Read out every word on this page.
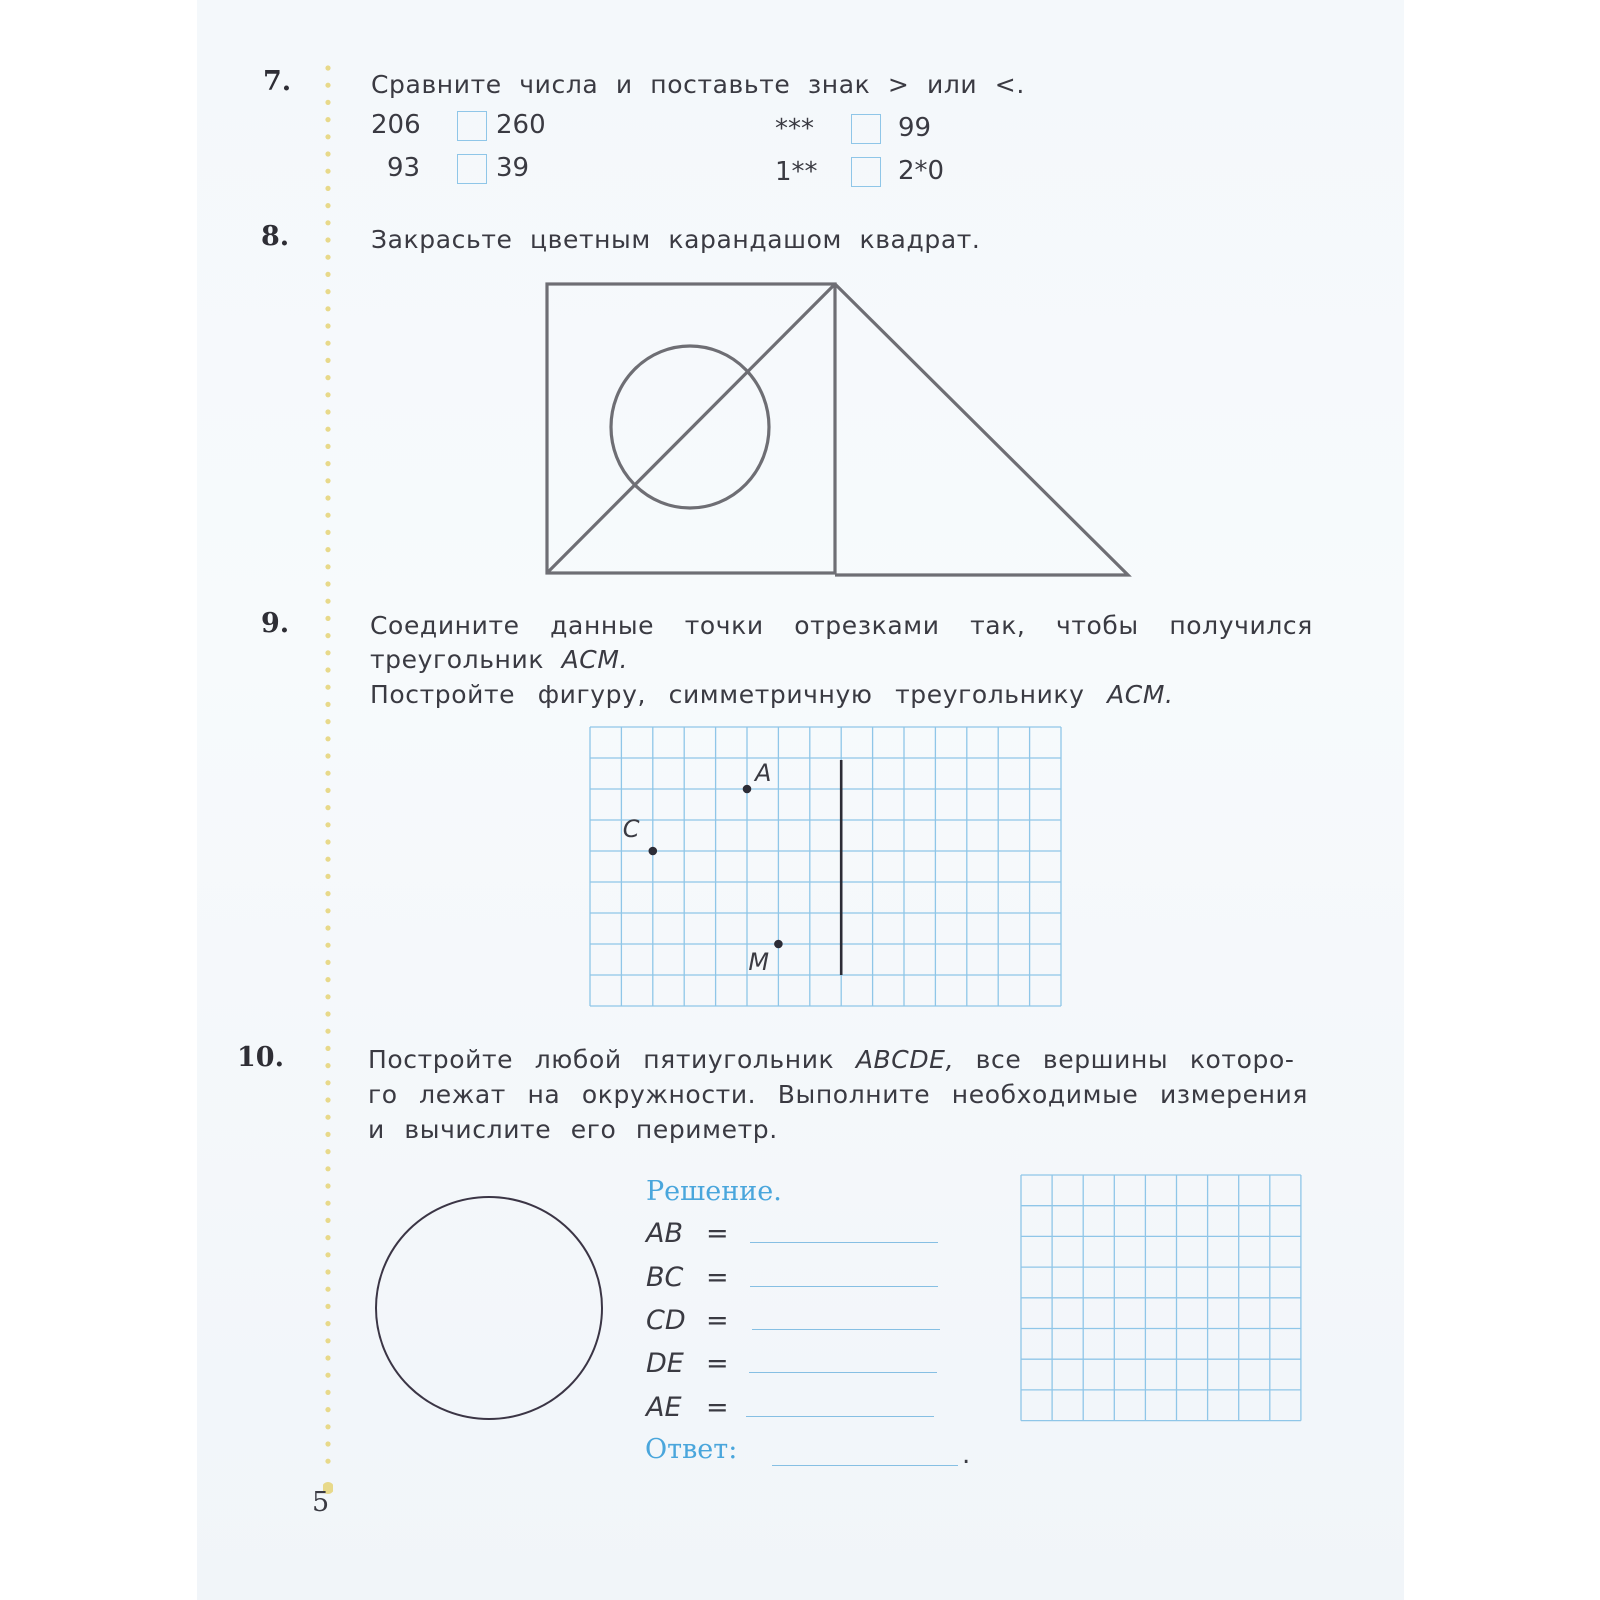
7.	Сравните числа и поставьте знак > или <.
206	260
93	39
***	99
1**	2*0
8.	Закрасьте цветным карандашом квадрат.
9.	Соедините данные точки отрезками так, чтобы получился
треугольник ACM.
Постройте фигуру, симметричную треугольнику ACM.
A
C
M
10.	Постройте любой пятиугольник ABCDE, все вершины которо-
го лежат на окружности. Выполните необходимые измерения
и вычислите его периметр.
Решение.
AB =
BC =
CD =
DE =
AE =
Ответ:	.
5
